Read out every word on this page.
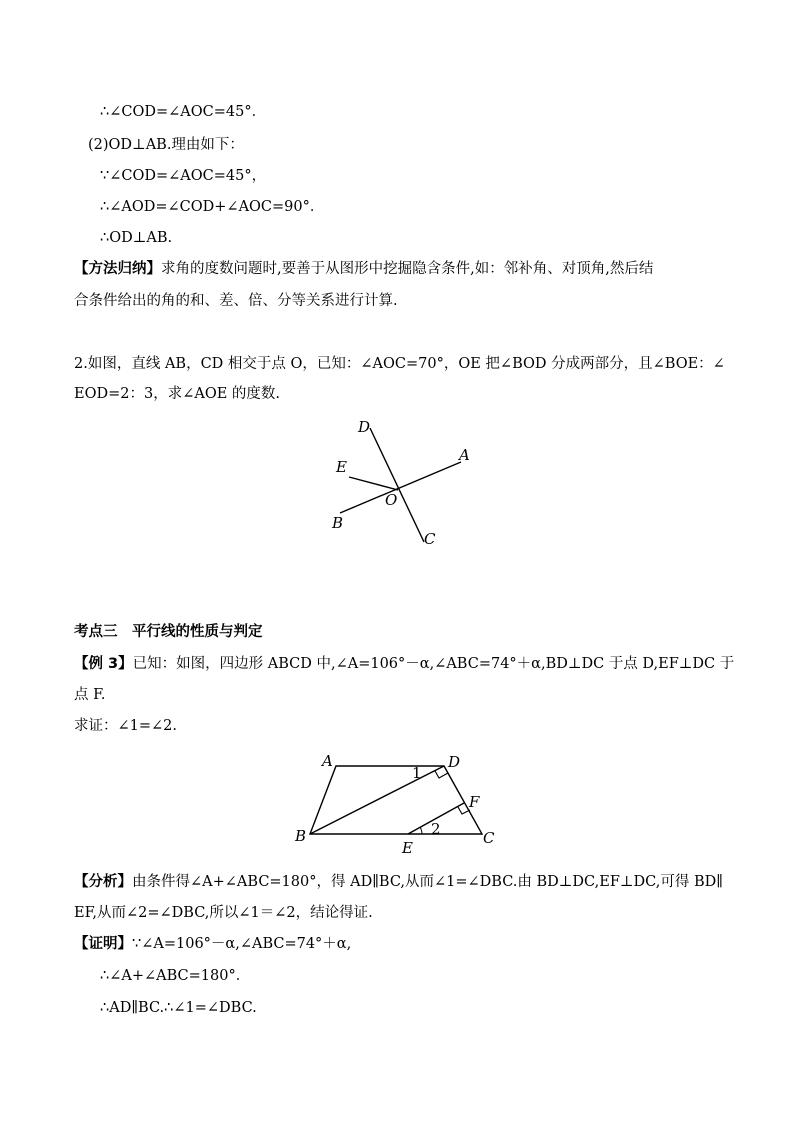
∴∠COD=∠AOC=45°．
(2)OD⊥AB.理由如下：
∵∠COD=∠AOC=45°，
∴∠AOD=∠COD+∠AOC=90°．
∴OD⊥AB.
【方法归纳】求角的度数问题时,要善于从图形中挖掘隐含条件,如：邻补角、对顶角,然后结
合条件给出的角的和、差、倍、分等关系进行计算.
2.如图，直线 AB，CD 相交于点 O，已知：∠AOC=70°，OE 把∠BOD 分成两部分，且∠BOE：∠
EOD=2：3，求∠AOE 的度数.
D
A
E
O
B
C
考点三　平行线的性质与判定
【例 3】已知：如图，四边形 ABCD 中,∠A=106°－α,∠ABC=74°＋α,BD⊥DC 于点 D,EF⊥DC 于
点 F.
求证：∠1=∠2.
A	D
F
B	C
E
1
2
【分析】由条件得∠A+∠ABC=180°，得 AD∥BC,从而∠1=∠DBC.由 BD⊥DC,EF⊥DC,可得 BD∥
EF,从而∠2=∠DBC,所以∠1＝∠2，结论得证.
【证明】∵∠A=106°－α,∠ABC=74°＋α,
∴∠A+∠ABC=180°．
∴AD∥BC.∴∠1=∠DBC.
